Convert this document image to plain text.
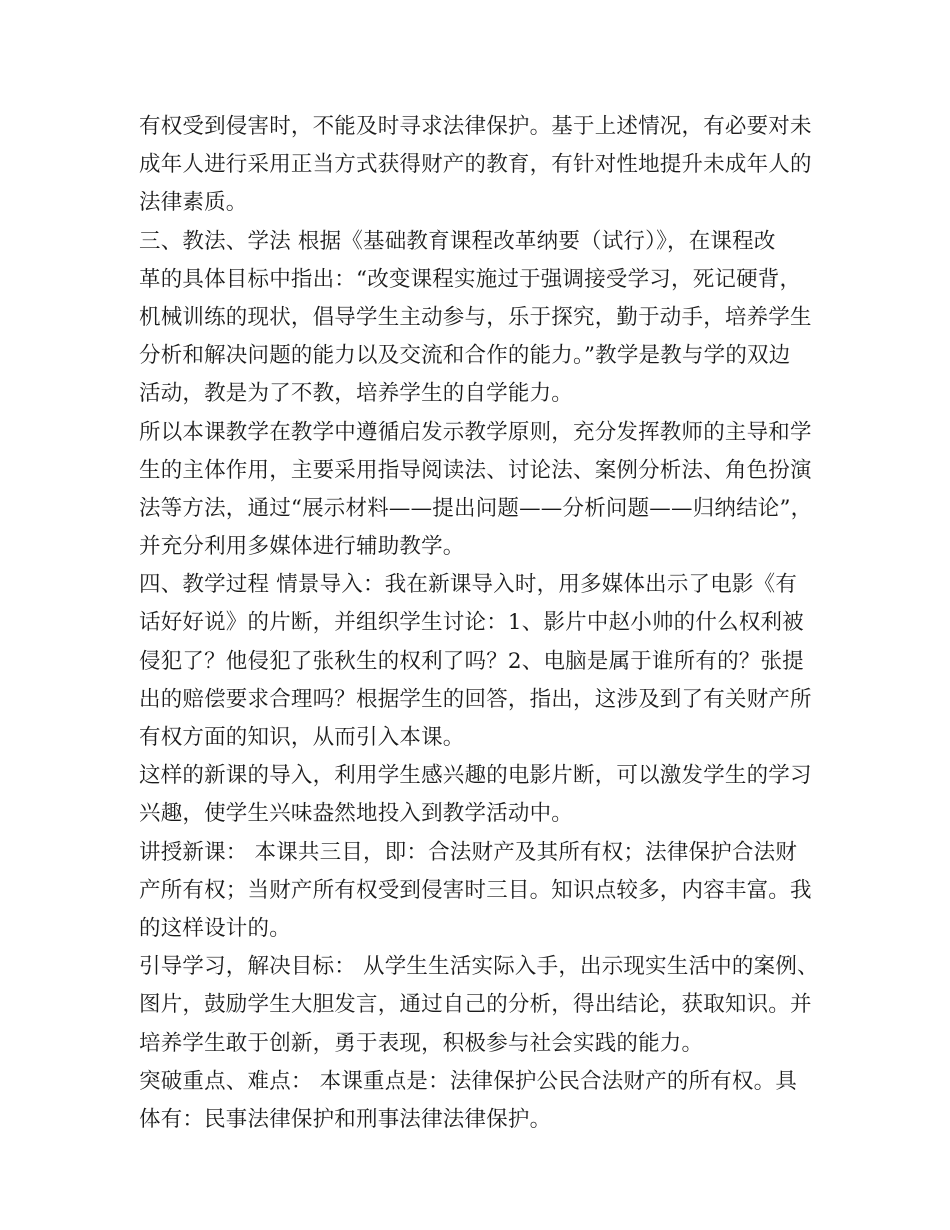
有权受到侵害时，不能及时寻求法律保护。基于上述情况，有必要对未
成年人进行采用正当方式获得财产的教育，有针对性地提升未成年人的
法律素质。
三、教法、学法 根据《基础教育课程改革纳要（试行）》，在课程改
革的具体目标中指出：“改变课程实施过于强调接受学习，死记硬背，
机械训练的现状，倡导学生主动参与，乐于探究，勤于动手，培养学生
分析和解决问题的能力以及交流和合作的能力。”教学是教与学的双边
活动，教是为了不教，培养学生的自学能力。
所以本课教学在教学中遵循启发示教学原则，充分发挥教师的主导和学
生的主体作用，主要采用指导阅读法、讨论法、案例分析法、角色扮演
法等方法，通过“展示材料——提出问题——分析问题——归纳结论”，
并充分利用多媒体进行辅助教学。
四、教学过程 情景导入：我在新课导入时，用多媒体出示了电影《有
话好好说》的片断，并组织学生讨论：1、影片中赵小帅的什么权利被
侵犯了？他侵犯了张秋生的权利了吗？2、电脑是属于谁所有的？张提
出的赔偿要求合理吗？根据学生的回答，指出，这涉及到了有关财产所
有权方面的知识，从而引入本课。
这样的新课的导入，利用学生感兴趣的电影片断，可以激发学生的学习
兴趣，使学生兴味盎然地投入到教学活动中。
讲授新课： 本课共三目，即：合法财产及其所有权；法律保护合法财
产所有权；当财产所有权受到侵害时三目。知识点较多，内容丰富。我
的这样设计的。
引导学习，解决目标： 从学生生活实际入手，出示现实生活中的案例、
图片，鼓励学生大胆发言，通过自己的分析，得出结论，获取知识。并
培养学生敢于创新，勇于表现，积极参与社会实践的能力。
突破重点、难点： 本课重点是：法律保护公民合法财产的所有权。具
体有：民事法律保护和刑事法律法律保护。
